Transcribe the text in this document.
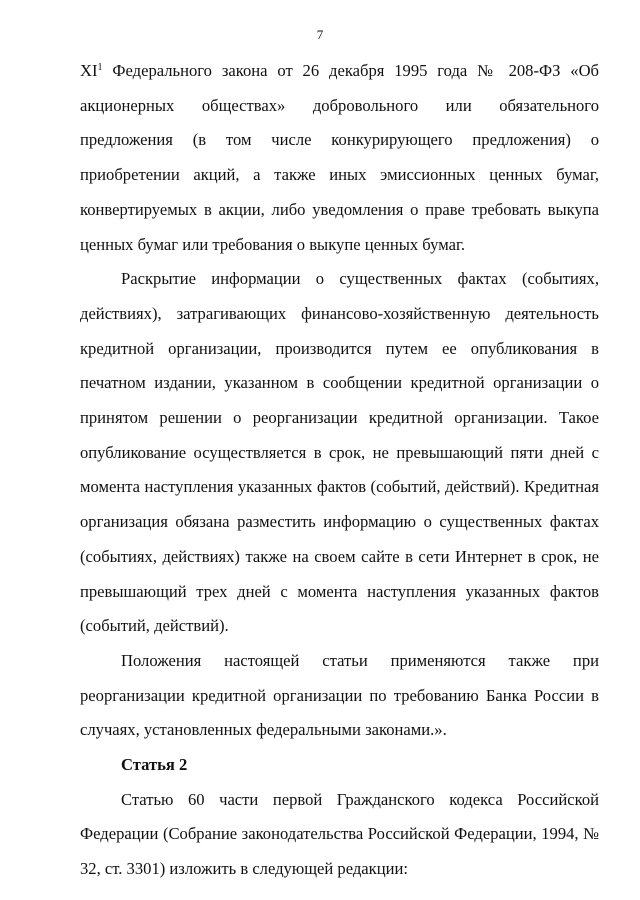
7

$XI^1$ Федерального закона от 26 декабря 1995 года № 208-ФЗ «Об акционерных обществах» добровольного или обязательного предложения (в том числе конкурирующего предложения) о приобретении акций, а также иных эмиссионных ценных бумаг, конвертируемых в акции, либо уведомления о праве требовать выкупа ценных бумаг или требования о выкупе ценных бумаг.

Раскрытие информации о существенных фактах (событиях, действиях), затрагивающих финансово-хозяйственную деятельность кредитной организации, производится путем ее опубликования в печатном издании, указанном в сообщении кредитной организации о принятом решении о реорганизации кредитной организации. Такое опубликование осуществляется в срок, не превышающий пяти дней с момента наступления указанных фактов (событий, действий). Кредитная организация обязана разместить информацию о существенных фактах (событиях, действиях) также на своем сайте в сети Интернет в срок, не превышающий трех дней с момента наступления указанных фактов (событий, действий).

Положения настоящей статьи применяются также при реорганизации кредитной организации по требованию Банка России в случаях, установленных федеральными законами.».

Статья 2

Статью 60 части первой Гражданского кодекса Российской Федерации (Собрание законодательства Российской Федерации, 1994, № 32, ст. 3301) изложить в следующей редакции:
